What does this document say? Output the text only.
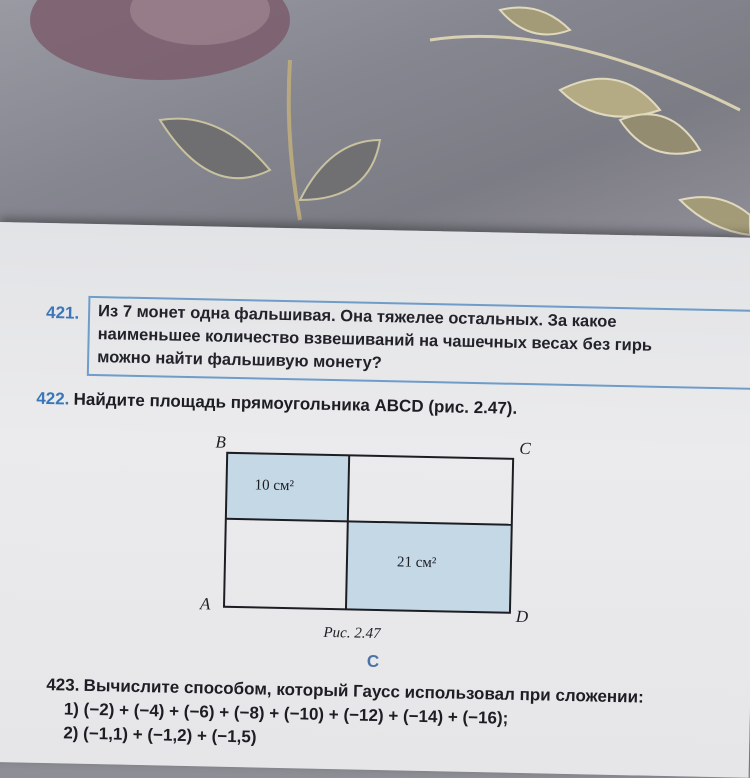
421. Из 7 монет одна фальшивая. Она тяжелее остальных. За какое
наименьшее количество взвешиваний на чашечных весах без гирь
можно найти фальшивую монету?
422. Найдите площадь прямоугольника ABCD (рис. 2.47).
B	C
A
D
10 см²
21 см²
Рис. 2.47
C
423. Вычислите способом, который Гаусс использовал при сложении:
1) (−2) + (−4) + (−6) + (−8) + (−10) + (−12) + (−14) + (−16);
2) (−1,1) + (−1,2) + (−1,5)
